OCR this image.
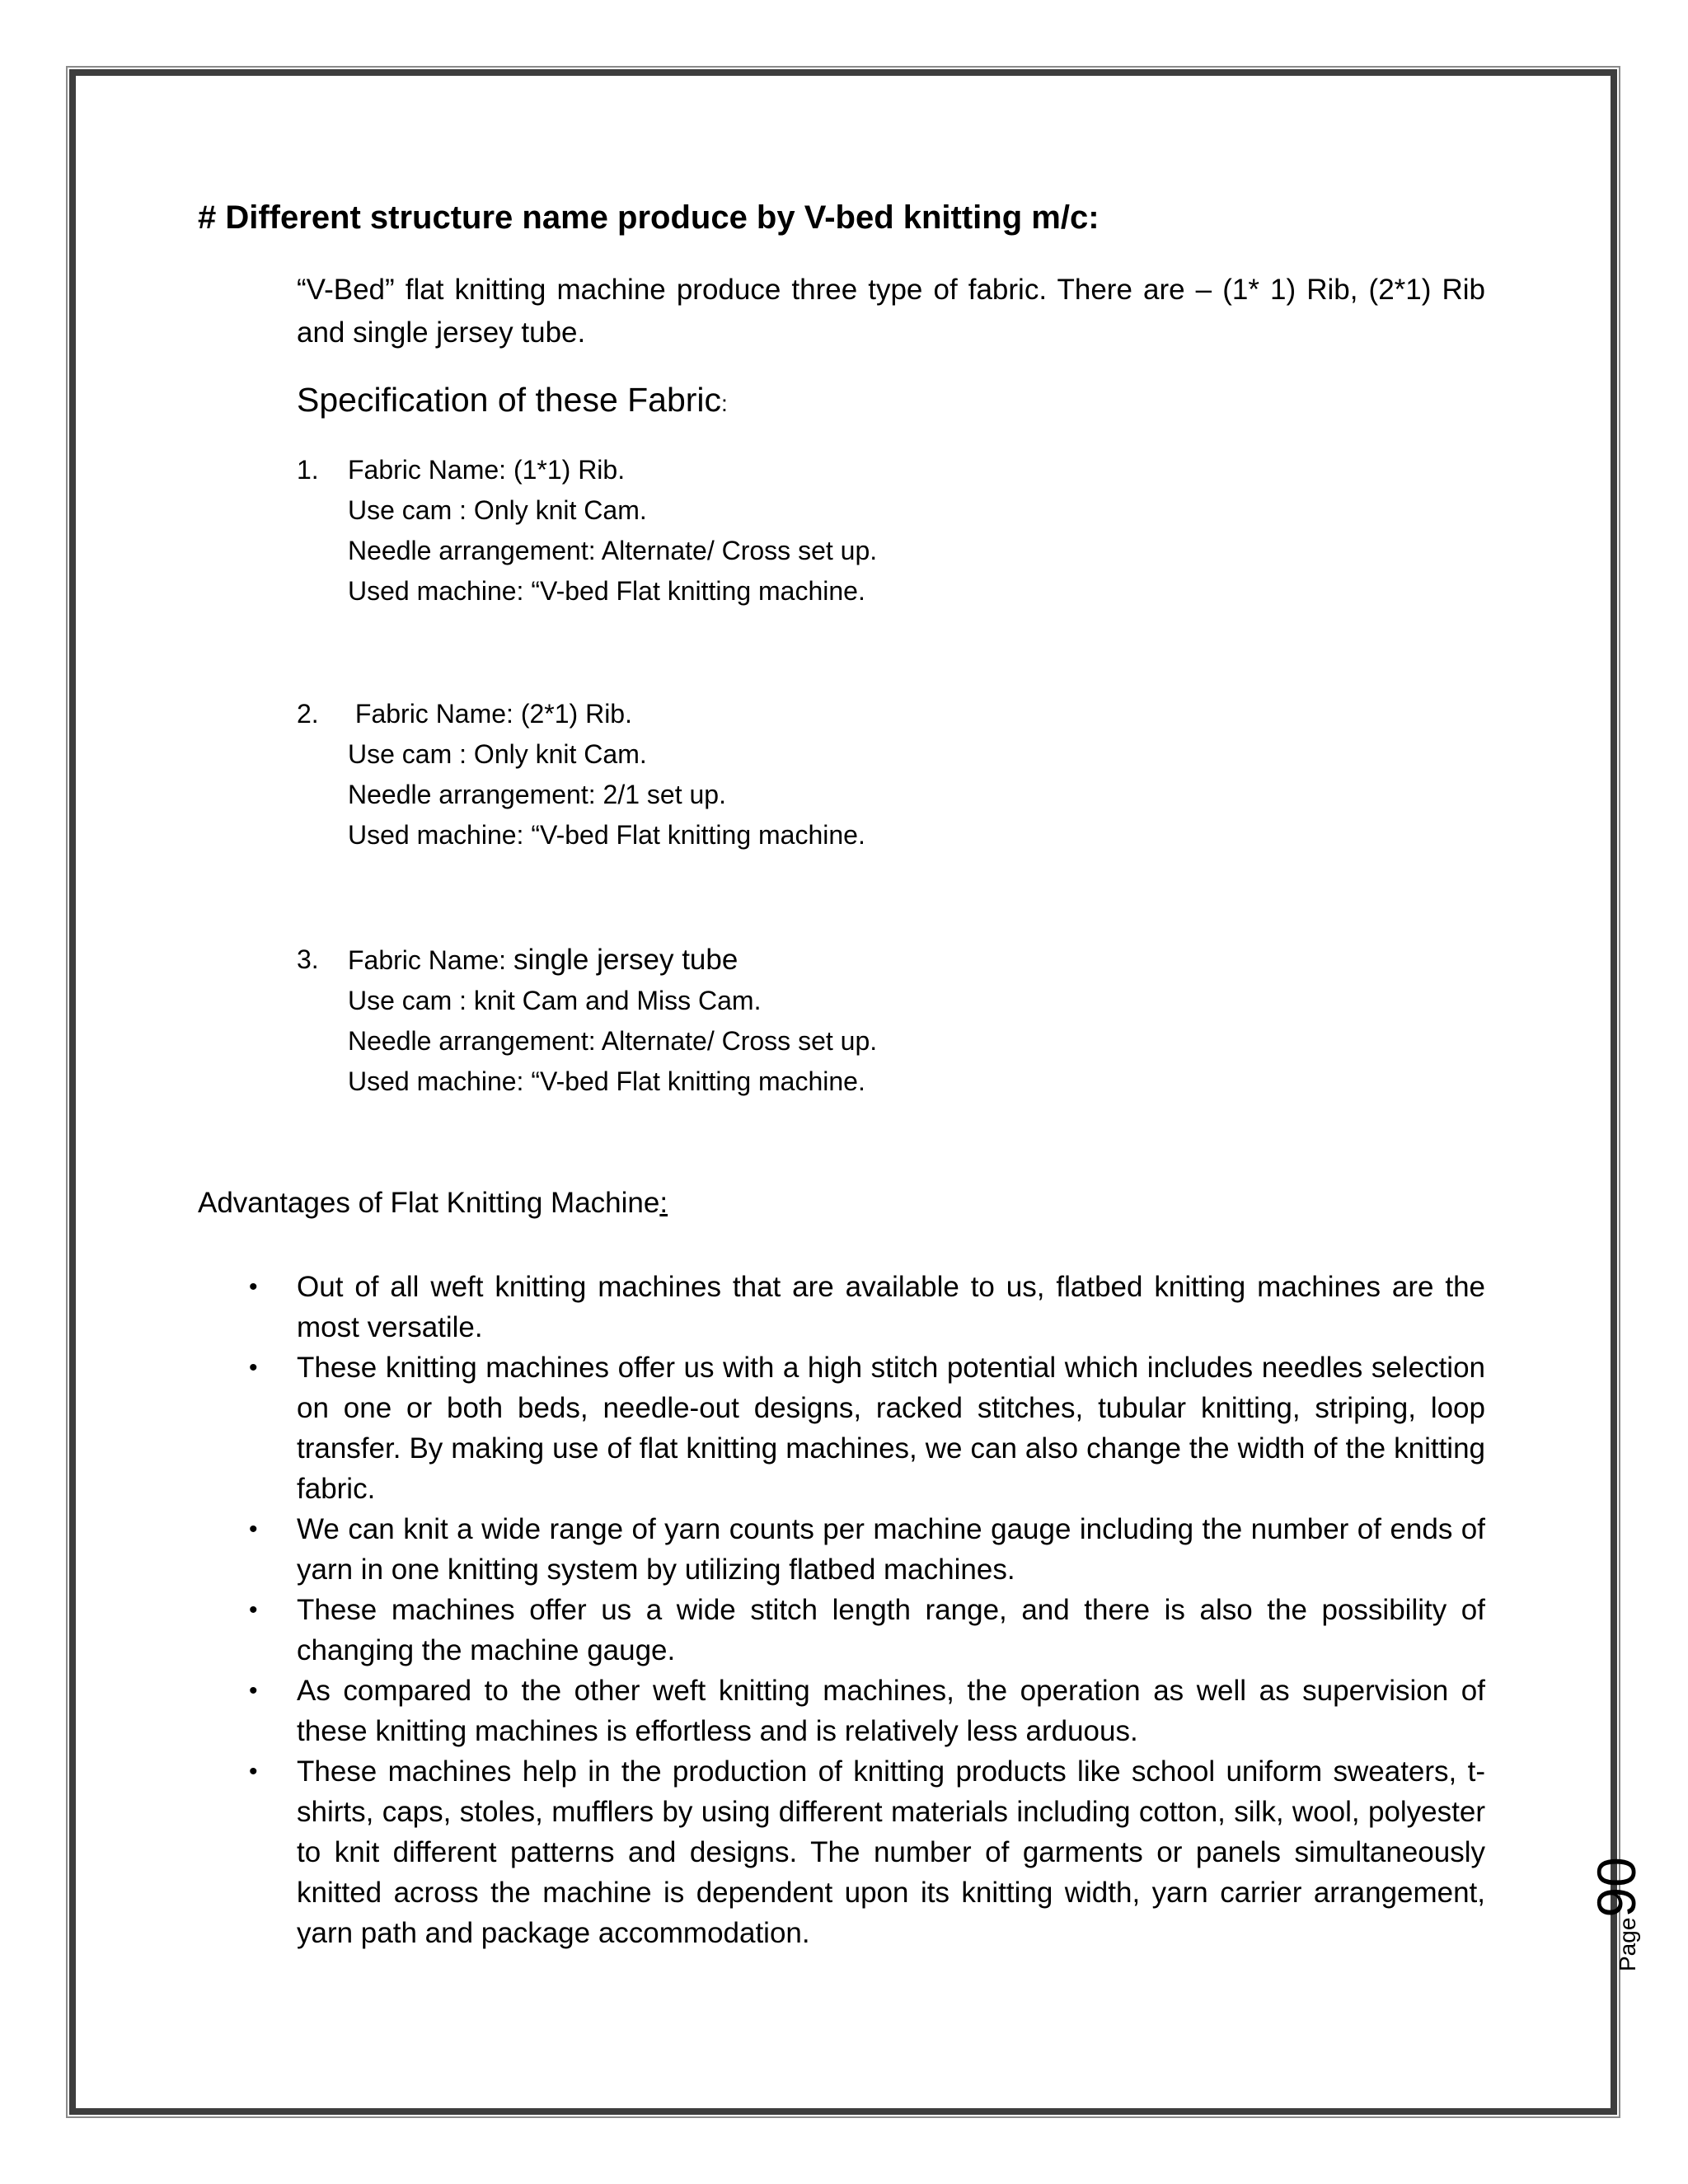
# Different structure name produce by V-bed knitting m/c:
“V-Bed” flat knitting machine produce three type of fabric. There are – (1* 1) Rib, (2*1) Rib and single jersey tube.
Specification of these Fabric:
1. Fabric Name: (1*1) Rib.
Use cam : Only knit Cam.
Needle arrangement: Alternate/ Cross set up.
Used machine: “V-bed Flat knitting machine.
2. Fabric Name: (2*1) Rib.
Use cam : Only knit Cam.
Needle arrangement: 2/1 set up.
Used machine: “V-bed Flat knitting machine.
3. Fabric Name: single jersey tube
Use cam : knit Cam and Miss Cam.
Needle arrangement: Alternate/ Cross set up.
Used machine: “V-bed Flat knitting machine.
Advantages of Flat Knitting Machine:
• Out of all weft knitting machines that are available to us, flatbed knitting machines are the most versatile.
• These knitting machines offer us with a high stitch potential which includes needles selection on one or both beds, needle-out designs, racked stitches, tubular knitting, striping, loop transfer. By making use of flat knitting machines, we can also change the width of the knitting fabric.
• We can knit a wide range of yarn counts per machine gauge including the number of ends of yarn in one knitting system by utilizing flatbed machines.
• These machines offer us a wide stitch length range, and there is also the possibility of changing the machine gauge.
• As compared to the other weft knitting machines, the operation as well as supervision of these knitting machines is effortless and is relatively less arduous.
• These machines help in the production of knitting products like school uniform sweaters, t-shirts, caps, stoles, mufflers by using different materials including cotton, silk, wool, polyester to knit different patterns and designs. The number of garments or panels simultaneously knitted across the machine is dependent upon its knitting width, yarn carrier arrangement, yarn path and package accommodation.	Page90
